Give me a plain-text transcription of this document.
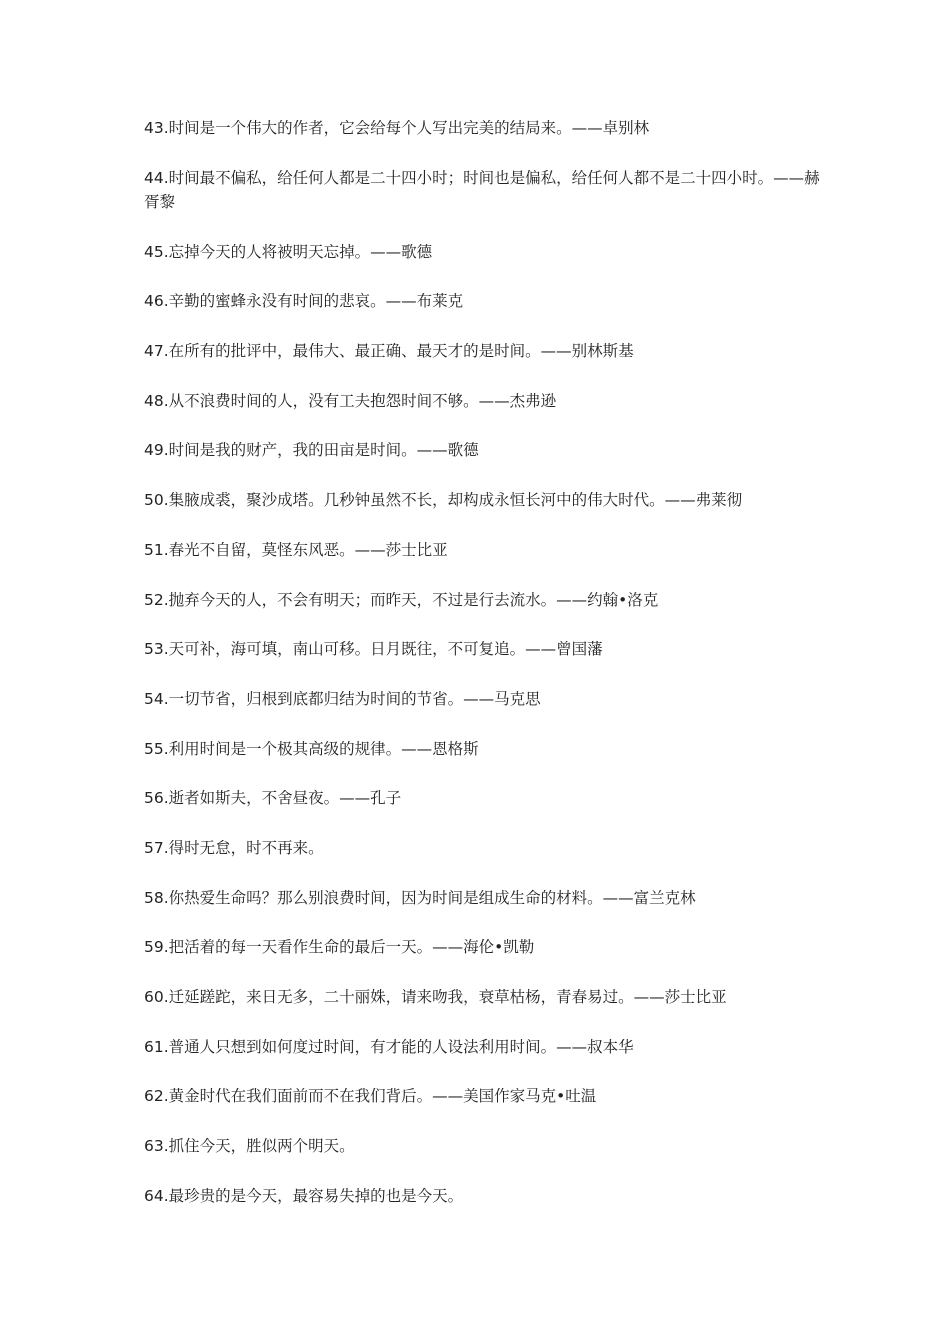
43.时间是一个伟大的作者，它会给每个人写出完美的结局来。——卓别林
44.时间最不偏私，给任何人都是二十四小时；时间也是偏私，给任何人都不是二十四小时。——赫胥黎
45.忘掉今天的人将被明天忘掉。——歌德
46.辛勤的蜜蜂永没有时间的悲哀。——布莱克
47.在所有的批评中，最伟大、最正确、最天才的是时间。——别林斯基
48.从不浪费时间的人，没有工夫抱怨时间不够。——杰弗逊
49.时间是我的财产，我的田亩是时间。——歌德
50.集腋成裘，聚沙成塔。几秒钟虽然不长，却构成永恒长河中的伟大时代。——弗莱彻
51.春光不自留，莫怪东风恶。——莎士比亚
52.抛弃今天的人，不会有明天；而昨天，不过是行去流水。——约翰•洛克
53.天可补，海可填，南山可移。日月既往，不可复追。——曾国藩
54.一切节省，归根到底都归结为时间的节省。——马克思
55.利用时间是一个极其高级的规律。——恩格斯
56.逝者如斯夫，不舍昼夜。——孔子
57.得时无怠，时不再来。
58.你热爱生命吗？那么别浪费时间，因为时间是组成生命的材料。——富兰克林
59.把活着的每一天看作生命的最后一天。——海伦•凯勒
60.迁延蹉跎，来日无多，二十丽姝，请来吻我，衰草枯杨，青春易过。——莎士比亚
61.普通人只想到如何度过时间，有才能的人设法利用时间。——叔本华
62.黄金时代在我们面前而不在我们背后。——美国作家马克•吐温
63.抓住今天，胜似两个明天。
64.最珍贵的是今天，最容易失掉的也是今天。
